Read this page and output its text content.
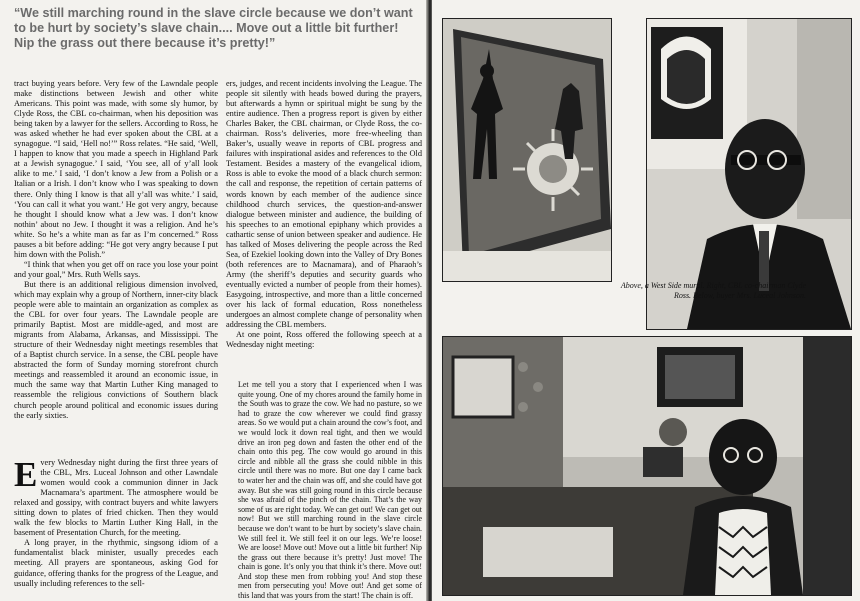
“We still marching round in the slave circle because we don’t want to be hurt by society’s slave chain.... Move out a little bit further! Nip the grass out there because it’s pretty!”

tract buying years before. Very few of the Lawndale people make distinctions between Jewish and other white Americans. This point was made, with some sly humor, by Clyde Ross, the CBL co-chairman, when his deposition was being taken by a lawyer for the sellers. According to Ross, he was asked whether he had ever spoken about the CBL at a synagogue. “I said, ‘Hell no!’” Ross relates. “He said, ‘Well, I happen to know that you made a speech in Highland Park at a Jewish synagogue.’ I said, ‘You see, all of y’all look alike to me.’ I said, ‘I don’t know a Jew from a Polish or a Italian or a Irish. I don’t know who I was speaking to down there. Only thing I know is that all y’all was white.’ I said, ‘You can call it what you want.’ He got very angry, because he thought I should know what a Jew was. I don’t know nothin’ about no Jew. I thought it was a religion. And he’s white. So he’s a white man as far as I’m concerned.” Ross pauses a bit before adding: “He got very angry because I put him down with the Polish.”

“I think that when you get off on race you lose your point and your goal,” Mrs. Ruth Wells says.

But there is an additional religious dimension involved, which may explain why a group of Northern, inner-city black people were able to maintain an organization as complex as the CBL for over four years. The Lawndale people are primarily Baptist. Most are middle-aged, and most are migrants from Alabama, Arkansas, and Mississippi. The structure of their Wednesday night meetings resembles that of a Baptist church service. In a sense, the CBL people have abstracted the form of Sunday morning storefront church meetings and reassembled it around an economic issue, in much the same way that Martin Luther King managed to reassemble the religious convictions of Southern black church people around political and economic issues during the early sixties.

Every Wednesday night during the first three years of the CBL, Mrs. Luceal Johnson and other Lawndale women would cook a communion dinner in Jack Macnamara’s apartment. The atmosphere would be relaxed and gossipy, with contract buyers and white lawyers sitting down to plates of fried chicken. Then they would walk the few blocks to Martin Luther King Hall, in the basement of Presentation Church, for the meeting.

A long prayer, in the rhythmic, singsong idiom of a fundamentalist black minister, usually precedes each meeting. All prayers are spontaneous, asking God for guidance, offering thanks for the progress of the League, and usually including references to the sell-

ers, judges, and recent incidents involving the League. The people sit silently with heads bowed during the prayers, but afterwards a hymn or spiritual might be sung by the entire audience. Then a progress report is given by either Charles Baker, the CBL chairman, or Clyde Ross, the co-chairman. Ross’s deliveries, more free-wheeling than Baker’s, usually weave in reports of CBL progress and failures with inspirational asides and references to the Old Testament. Besides a mastery of the evangelical idiom, Ross is able to evoke the mood of a black church sermon: the call and response, the repetition of certain patterns of words known by each member of the audience since childhood church services, the question-and-answer dialogue between minister and audience, the building of his speeches to an emotional epiphany which provides a cathartic sense of union between speaker and audience. He has talked of Moses delivering the people across the Red Sea, of Ezekiel looking down into the Valley of Dry Bones (both references are to Macnamara), and of Pharaoh’s Army (the sheriff’s deputies and security guards who eventually evicted a number of people from their homes). Easygoing, introspective, and more than a little concerned over his lack of formal education, Ross nonetheless undergoes an almost complete change of personality when addressing the CBL members.

At one point, Ross offered the following speech at a Wednesday night meeting:

Let me tell you a story that I experienced when I was quite young. One of my chores around the family home in the South was to graze the cow. We had no pasture, so we had to graze the cow wherever we could find grassy areas. So we would put a chain around the cow’s foot, and we would lock it down real tight, and then we would drive an iron peg down and fasten the other end of the chain onto this peg. The cow would go around in this circle and nibble all the grass she could nibble in this circle until there was no more. But one day I came back to water her and the chain was off, and she could have got away. But she was still going round in this circle because she was afraid of the pinch of the chain. That’s the way some of us are right today. We can get out! We can get out now! But we still marching round in the slave circle because we don’t want to be hurt by society’s slave chain. We still feel it. We still feel it on our legs. We’re loose! We are loose! Move out! Move out a little bit further! Nip the grass out there because it’s pretty! Just move! The chain is gone. It’s only you that think it’s there. Move out! And stop these men from robbing you! And stop these men from persecuting you! Move out! And get some of this land that was yours from the start! The chain is off.

Above, a West Side mural. Right, CBL co-chairman Clyde Ross. Below, buyer Mrs. Luceal Johnson.
